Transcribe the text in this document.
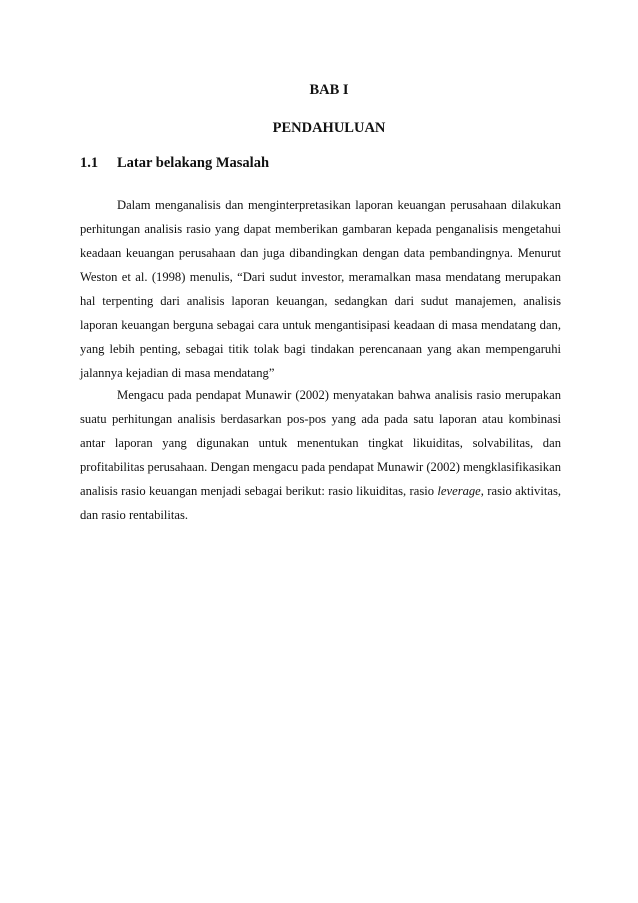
BAB I
PENDAHULUAN
1.1	Latar belakang Masalah

Dalam menganalisis dan menginterpretasikan laporan keuangan perusahaan dilakukan perhitungan analisis rasio yang dapat memberikan gambaran kepada penganalisis mengetahui keadaan keuangan perusahaan dan juga dibandingkan dengan data pembandingnya. Menurut Weston et al. (1998) menulis, “Dari sudut investor, meramalkan masa mendatang merupakan hal terpenting dari analisis laporan keuangan, sedangkan dari sudut manajemen, analisis laporan keuangan berguna sebagai cara untuk mengantisipasi keadaan di masa mendatang dan, yang lebih penting, sebagai titik tolak bagi tindakan perencanaan yang akan mempengaruhi jalannya kejadian di masa mendatang”

Mengacu pada pendapat Munawir (2002) menyatakan bahwa analisis rasio merupakan suatu perhitungan analisis berdasarkan pos-pos yang ada pada satu laporan atau kombinasi antar laporan yang digunakan untuk menentukan tingkat likuiditas, solvabilitas, dan profitabilitas perusahaan. Dengan mengacu pada pendapat Munawir (2002) mengklasifikasikan analisis rasio keuangan menjadi sebagai berikut: rasio likuiditas, rasio leverage, rasio aktivitas, dan rasio rentabilitas.
